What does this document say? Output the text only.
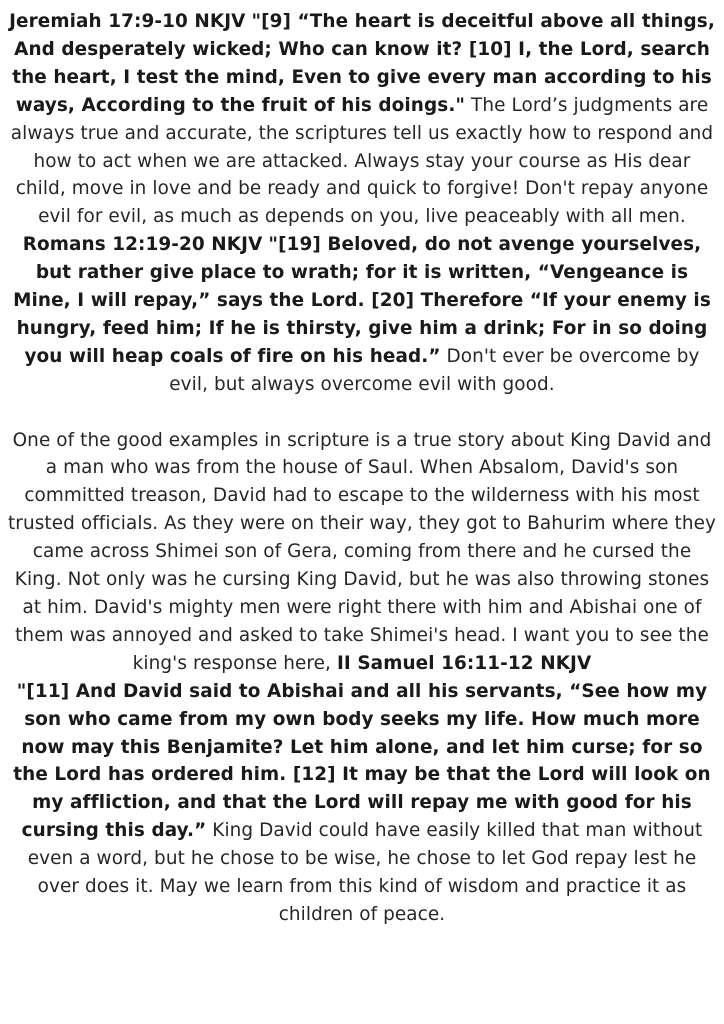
Jeremiah 17:9-10 NKJV "[9] “The heart is deceitful above all things, And desperately wicked; Who can know it? [10] I, the Lord, search the heart, I test the mind, Even to give every man according to his ways, According to the fruit of his doings." The Lord’s judgments are always true and accurate, the scriptures tell us exactly how to respond and how to act when we are attacked. Always stay your course as His dear child, move in love and be ready and quick to forgive! Don't repay anyone evil for evil, as much as depends on you, live peaceably with all men.

Romans 12:19-20 NKJV "[19] Beloved, do not avenge yourselves, but rather give place to wrath; for it is written, “Vengeance is Mine, I will repay,” says the Lord. [20] Therefore “If your enemy is hungry, feed him; If he is thirsty, give him a drink; For in so doing you will heap coals of fire on his head.” Don't ever be overcome by evil, but always overcome evil with good.

One of the good examples in scripture is a true story about King David and a man who was from the house of Saul. When Absalom, David's son committed treason, David had to escape to the wilderness with his most trusted officials. As they were on their way, they got to Bahurim where they came across Shimei son of Gera, coming from there and he cursed the King. Not only was he cursing King David, but he was also throwing stones at him. David's mighty men were right there with him and Abishai one of them was annoyed and asked to take Shimei's head. I want you to see the king's response here, II Samuel 16:11-12 NKJV
"[11] And David said to Abishai and all his servants, “See how my son who came from my own body seeks my life. How much more now may this Benjamite? Let him alone, and let him curse; for so the Lord has ordered him. [12] It may be that the Lord will look on my affliction, and that the Lord will repay me with good for his cursing this day.” King David could have easily killed that man without even a word, but he chose to be wise, he chose to let God repay lest he over does it. May we learn from this kind of wisdom and practice it as children of peace.
